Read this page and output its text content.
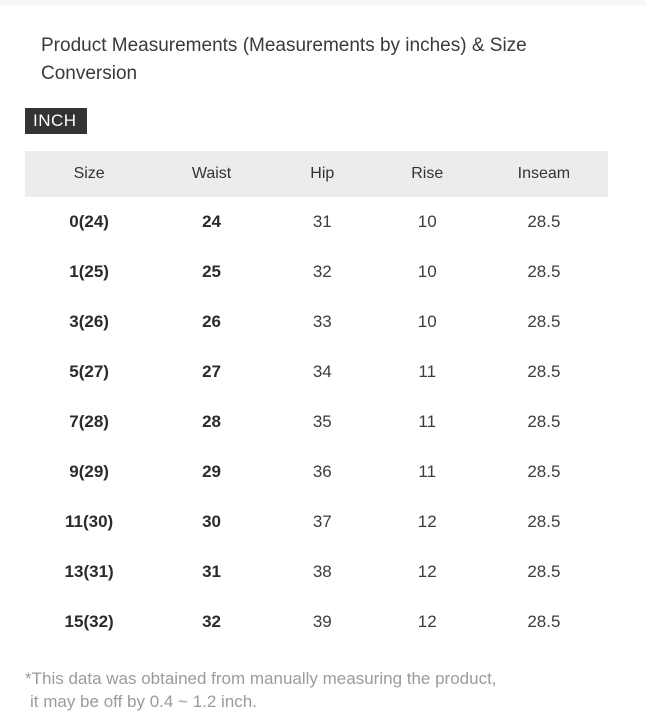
Product Measurements (Measurements by inches) & Size Conversion
INCH
Size	Waist	Hip	Rise	Inseam
0(24)	24	31	10	28.5
1(25)	25	32	10	28.5
3(26)	26	33	10	28.5
5(27)	27	34	11	28.5
7(28)	28	35	11	28.5
9(29)	29	36	11	28.5
11(30)	30	37	12	28.5
13(31)	31	38	12	28.5
15(32)	32	39	12	28.5
*This data was obtained from manually measuring the product,
it may be off by 0.4 ~ 1.2 inch.
